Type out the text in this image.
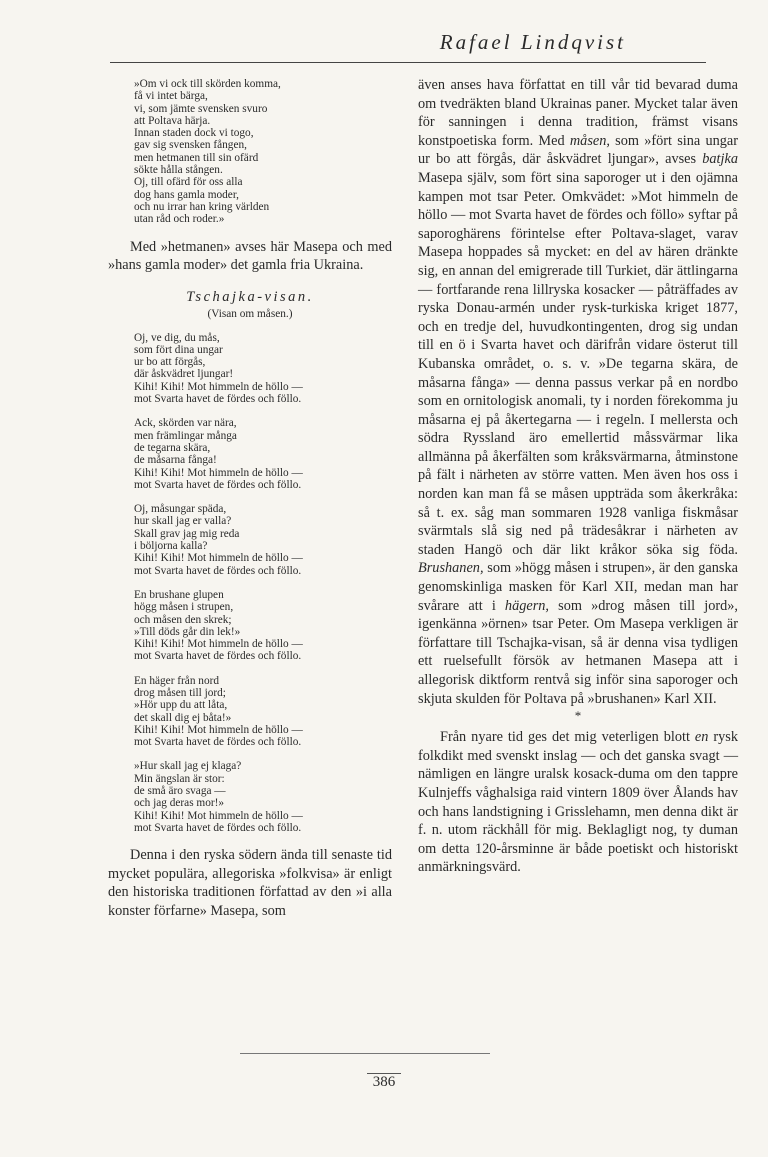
Rafael Lindqvist
»Om vi ock till skörden komma,
få vi intet bärga,
vi, som jämte svensken svuro
att Poltava härja.
Innan staden dock vi togo,
gav sig svensken fången,
men hetmanen till sin ofärd
sökte hålla stången.
Oj, till ofärd för oss alla
dog hans gamla moder,
och nu irrar han kring världen
utan råd och roder.»

Med »hetmanen» avses här Masepa och med »hans gamla moder» det gamla fria Ukraina.

Tschajka-visan.
(Visan om måsen.)
Oj, ve dig, du mås,
som fört dina ungar
ur bo att förgås,
där åskvädret ljungar!
Kihi! Kihi! Mot himmeln de höllo —
mot Svarta havet de fördes och föllo.
Ack, skörden var nära,
men främlingar många
de tegarna skära,
de måsarna fånga!
Kihi! Kihi! Mot himmeln de höllo —
mot Svarta havet de fördes och föllo.
Oj, måsungar späda,
hur skall jag er valla?
Skall grav jag mig reda
i böljorna kalla?
Kihi! Kihi! Mot himmeln de höllo —
mot Svarta havet de fördes och föllo.
En brushane glupen
högg måsen i strupen,
och måsen den skrek;
»Till döds går din lek!»
Kihi! Kihi! Mot himmeln de höllo —
mot Svarta havet de fördes och föllo.
En häger från nord
drog måsen till jord;
»Hör upp du att låta,
det skall dig ej båta!»
Kihi! Kihi! Mot himmeln de höllo —
mot Svarta havet de fördes och föllo.
»Hur skall jag ej klaga?
Min ängslan är stor:
de små äro svaga —
och jag deras mor!»
Kihi! Kihi! Mot himmeln de höllo —
mot Svarta havet de fördes och föllo.

Denna i den ryska södern ända till senaste tid mycket populära, allegoriska »folkvisa» är enligt den historiska traditionen författad av den »i alla konster förfarne» Masepa, som

även anses hava författat en till vår tid bevarad duma om tvedräkten bland Ukrainas paner. Mycket talar även för sanningen i denna tradition, främst visans konstpoetiska form. Med måsen, som »fört sina ungar ur bo att förgås, där åskvädret ljungar», avses batjka Masepa själv, som fört sina saporoger ut i den ojämna kampen mot tsar Peter. Omkvädet: »Mot himmeln de höllo — mot Svarta havet de fördes och föllo» syftar på saporoghärens förintelse efter Poltava-slaget, varav Masepa hoppades så mycket: en del av hären dränkte sig, en annan del emigrerade till Turkiet, där ättlingarna — fortfarande rena lillryska kosacker — påträffades av ryska Donau-armén under rysk-turkiska kriget 1877, och en tredje del, huvudkontingenten, drog sig undan till en ö i Svarta havet och därifrån vidare österut till Kubanska området, o. s. v. »De tegarna skära, de måsarna fånga» — denna passus verkar på en nordbo som en ornitologisk anomali, ty i norden förekomma ju måsarna ej på åkertegarna — i regeln. I mellersta och södra Ryssland äro emellertid måssvärmar lika allmänna på åkerfälten som kråksvärmarna, åtminstone på fält i närheten av större vatten. Men även hos oss i norden kan man få se måsen uppträda som åkerkråka: så t. ex. såg man sommaren 1928 vanliga fiskmåsar svärmtals slå sig ned på trädesåkrar i närheten av staden Hangö och där likt kråkor söka sig föda. Brushanen, som »högg måsen i strupen», är den ganska genomskinliga masken för Karl XII, medan man har svårare att i hägern, som »drog måsen till jord», igenkänna »örnen» tsar Peter. Om Masepa verkligen är författare till Tschajka-visan, så är denna visa tydligen ett ruelsefullt försök av hetmanen Masepa att i allegorisk diktform rentvå sig inför sina saporoger och skjuta skulden för Poltava på »brushanen» Karl XII.

*

Från nyare tid ges det mig veterligen blott en rysk folkdikt med svenskt inslag — och det ganska svagt — nämligen en längre uralsk kosack-duma om den tappre Kulnjeffs våghalsiga raid vintern 1809 över Ålands hav och hans landstigning i Grisslehamn, men denna dikt är f. n. utom räckhåll för mig. Beklagligt nog, ty duman om detta 120-årsminne är både poetiskt och historiskt anmärkningsvärd.

386
